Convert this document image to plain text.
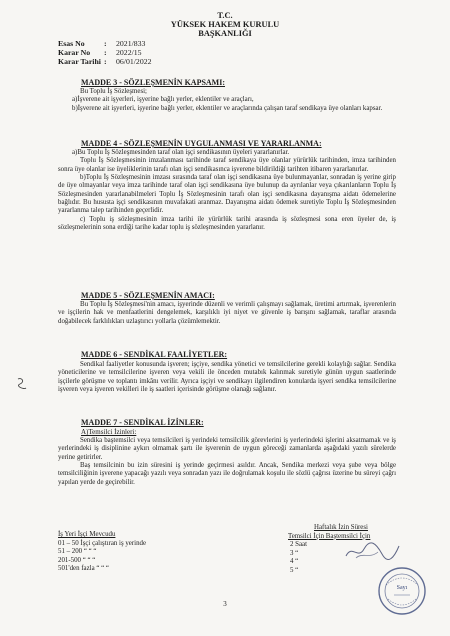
T.C.
YÜKSEK HAKEM KURULU
BAŞKANLIĞI
Esas No : 2021/833
Karar No : 2022/15
Karar Tarihi : 06/01/2022
MADDE 3 - SÖZLEŞMENİN KAPSAMI:

Bu Toplu İş Sözleşmesi;

a)İşverene ait işyerleri, işyerine bağlı yerler, eklentiler ve araçları,

b)İşverene ait işyerleri, işyerine bağlı yerler, eklentiler ve araçlarında çalışan taraf sendikaya üye olanları kapsar.

MADDE 4 - SÖZLEŞMENİN UYGULANMASI VE YARARLANMA:

a)Bu Toplu İş Sözleşmesinden taraf olan işçi sendikasının üyeleri yararlanırlar.

Toplu İş Sözleşmesinin imzalanması tarihinde taraf sendikaya üye olanlar yürürlük tarihinden, imza tarihinden sonra üye olanlar ise üyeliklerinin tarafı olan işçi sendikasınca işverene bildirildiği tarihten itibaren yararlanırlar.

b)Toplu İş Sözleşmesinin imzası sırasında taraf olan işçi sendikasına üye bulunmayanlar, sonradan iş yerine girip de üye olmayanlar veya imza tarihinde taraf olan işçi sendikasına üye bulunup da ayrılanlar veya çıkarılanların Toplu İş Sözleşmesinden yararlanabilmeleri Toplu İş Sözleşmesinin tarafı olan işçi sendikasına dayanışma aidatı ödemelerine bağlıdır. Bu hususta işçi sendikasının muvafakati aranmaz. Dayanışma aidatı ödemek suretiyle Toplu İş Sözleşmesinden yararlanma talep tarihinden geçerlidir.

c) Toplu iş sözleşmesinin imza tarihi ile yürürlük tarihi arasında iş sözleşmesi sona eren üyeler de, iş sözleşmelerinin sona erdiği tarihe kadar toplu iş sözleşmesinden yararlanır.

MADDE 5 - SÖZLEŞMENİN AMACI:

Bu Toplu İş Sözleşmesi'nin amacı, işyerinde düzenli ve verimli çalışmayı sağlamak, üretimi artırmak, işverenlerin ve işçilerin hak ve menfaatlerini dengelemek, karşılıklı iyi niyet ve güvenle iş barışını sağlamak, taraflar arasında doğabilecek farklılıkları uzlaştırıcı yollarla çözümlemektir.

MADDE 6 - SENDİKAL FAALİYETLER:

Sendikal faaliyetler konusunda işveren; işçiye, sendika yönetici ve temsilcilerine gerekli kolaylığı sağlar. Sendika yöneticilerine ve temsilcilerine işveren veya vekili ile önceden mutabık kalınmak suretiyle günün uygun saatlerinde işçilerle görüşme ve toplantı imkânı verilir. Ayrıca işçiyi ve sendikayı ilgilendiren konularda işyeri sendika temsilcilerine işveren veya işveren vekilleri ile iş saatleri içerisinde görüşme olanağı sağlanır.

MADDE 7 - SENDİKAL İZİNLER:
A)Temsilci İzinleri:

Sendika baştemsilci veya temsilcileri iş yerindeki temsilcilik görevlerini iş yerlerindeki işlerini aksatmamak ve iş yerlerindeki iş disiplinine aykırı olmamak şartı ile işverenin de uygun göreceği zamanlarda aşağıdaki yazılı sürelerde yerine getirirler.

Baş temsilcinin bu izin süresini iş yerinde geçirmesi asıldır. Ancak, Sendika merkezi veya şube veya bölge temsilciliğinin işverene yapacağı yazılı veya sonradan yazı ile doğrulamak koşulu ile sözlü çağrısı üzerine bu süreyi çağrı yapılan yerde de geçirebilir.

İş Yeri İşçi Mevcudu
01 – 50 İşçi çalıştıran iş yerinde
51 – 200 “ “ “
201-500 “ “ “
501'den fazla “ “ “
Haftalık İzin Süresi
Temsilci İçin Baştemsilci İçin
2 Saat
3 “
4 “
5 “
Sayı
3
